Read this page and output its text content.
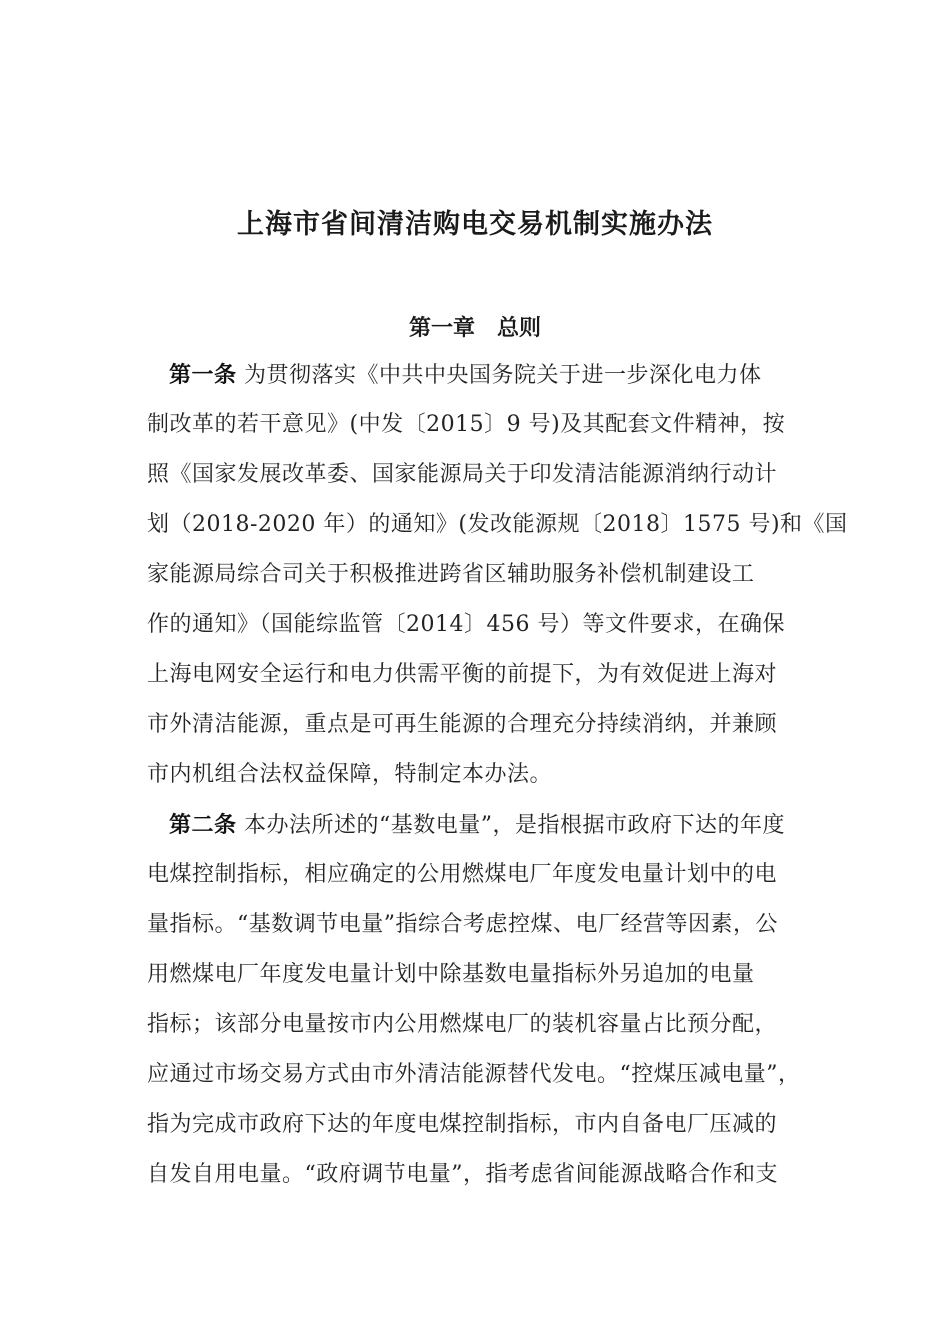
上海市省间清洁购电交易机制实施办法
第一章　总则
第一条 为贯彻落实《中共中央国务院关于进一步深化电力体
制改革的若干意见》(中发〔2015〕9 号)及其配套文件精神，按
照《国家发展改革委、国家能源局关于印发清洁能源消纳行动计
划（2018-2020 年）的通知》(发改能源规〔2018〕1575 号)和《国
家能源局综合司关于积极推进跨省区辅助服务补偿机制建设工
作的通知》（国能综监管〔2014〕456 号）等文件要求，在确保
上海电网安全运行和电力供需平衡的前提下，为有效促进上海对
市外清洁能源，重点是可再生能源的合理充分持续消纳，并兼顾
市内机组合法权益保障，特制定本办法。
第二条 本办法所述的“基数电量”，是指根据市政府下达的年度
电煤控制指标，相应确定的公用燃煤电厂年度发电量计划中的电
量指标。“基数调节电量”指综合考虑控煤、电厂经营等因素，公
用燃煤电厂年度发电量计划中除基数电量指标外另追加的电量
指标；该部分电量按市内公用燃煤电厂的装机容量占比预分配，
应通过市场交易方式由市外清洁能源替代发电。“控煤压减电量”，
指为完成市政府下达的年度电煤控制指标，市内自备电厂压减的
自发自用电量。“政府调节电量”，指考虑省间能源战略合作和支
